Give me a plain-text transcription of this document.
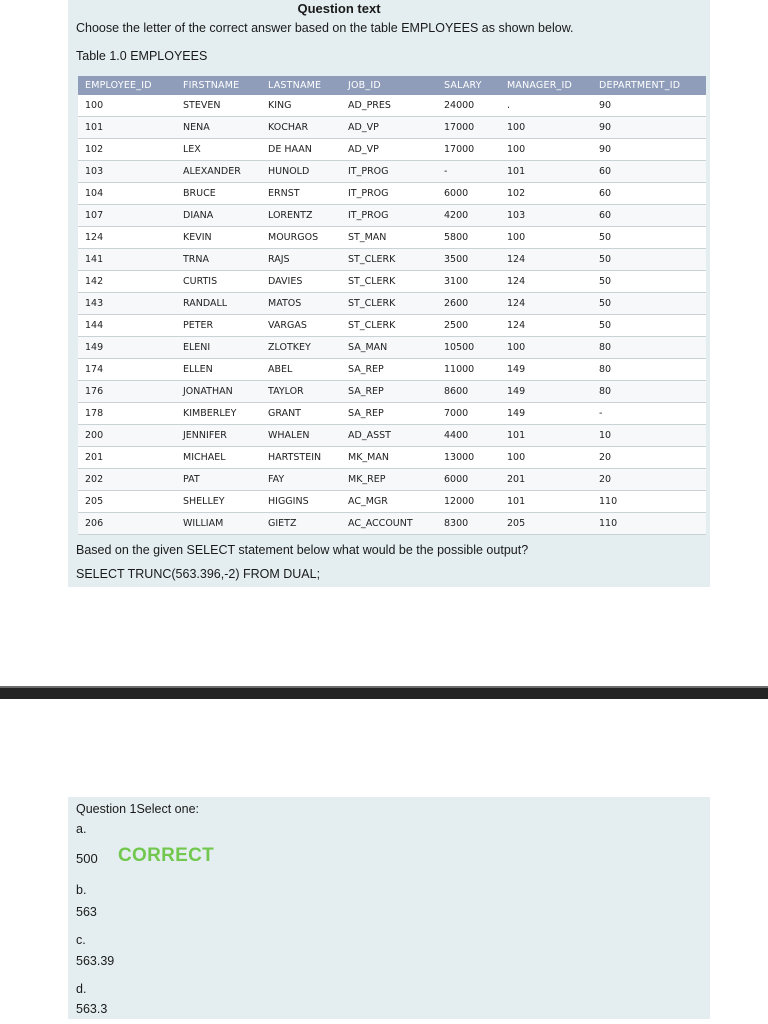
Question text
Choose the letter of the correct answer based on the table EMPLOYEES as shown below.
Table 1.0 EMPLOYEES
EMPLOYEE_ID	FIRSTNAME	LASTNAME	JOB_ID	SALARY	MANAGER_ID	DEPARTMENT_ID
100	STEVEN	KING	AD_PRES	24000	.	90
101	NENA	KOCHAR	AD_VP	17000	100	90
102	LEX	DE HAAN	AD_VP	17000	100	90
103	ALEXANDER	HUNOLD	IT_PROG	-	101	60
104	BRUCE	ERNST	IT_PROG	6000	102	60
107	DIANA	LORENTZ	IT_PROG	4200	103	60
124	KEVIN	MOURGOS	ST_MAN	5800	100	50
141	TRNA	RAJS	ST_CLERK	3500	124	50
142	CURTIS	DAVIES	ST_CLERK	3100	124	50
143	RANDALL	MATOS	ST_CLERK	2600	124	50
144	PETER	VARGAS	ST_CLERK	2500	124	50
149	ELENI	ZLOTKEY	SA_MAN	10500	100	80
174	ELLEN	ABEL	SA_REP	11000	149	80
176	JONATHAN	TAYLOR	SA_REP	8600	149	80
178	KIMBERLEY	GRANT	SA_REP	7000	149	-
200	JENNIFER	WHALEN	AD_ASST	4400	101	10
201	MICHAEL	HARTSTEIN	MK_MAN	13000	100	20
202	PAT	FAY	MK_REP	6000	201	20
205	SHELLEY	HIGGINS	AC_MGR	12000	101	110
206	WILLIAM	GIETZ	AC_ACCOUNT	8300	205	110
Based on the given SELECT statement below what would be the possible output?
SELECT TRUNC(563.396,-2) FROM DUAL;
Question 1Select one:
a.
500 CORRECT
b.
563
c.
563.39
d.
563.3
